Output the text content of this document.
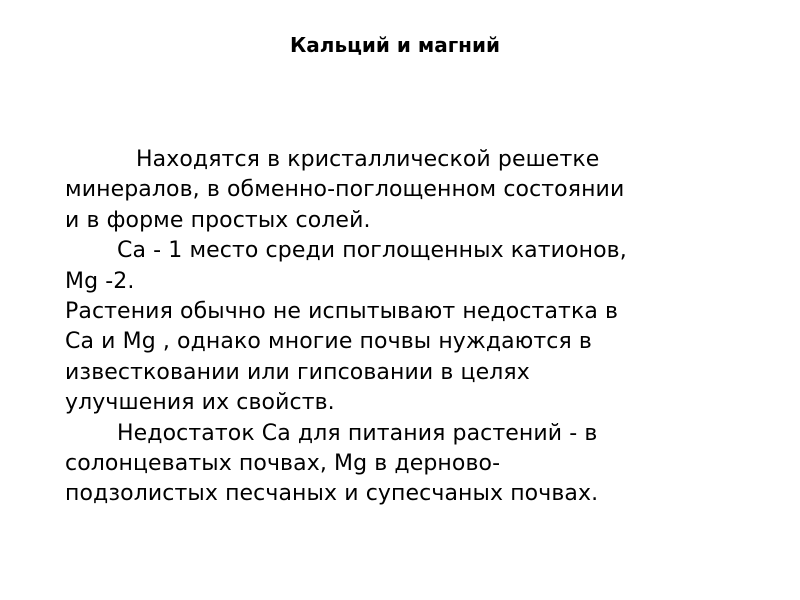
Кальций и магний
Находятся в кристаллической решетке
минералов, в обменно-поглощенном состоянии
и в форме простых солей.
Са - 1 место среди поглощенных катионов,
Mg -2.
Растения обычно не испытывают недостатка в
Са и Mg , однако многие почвы нуждаются в
известковании или гипсовании в целях
улучшения их свойств.
Недостаток Са для питания растений - в
солонцеватых почвах, Mg в дерново-
подзолистых песчаных и супесчаных почвах.
